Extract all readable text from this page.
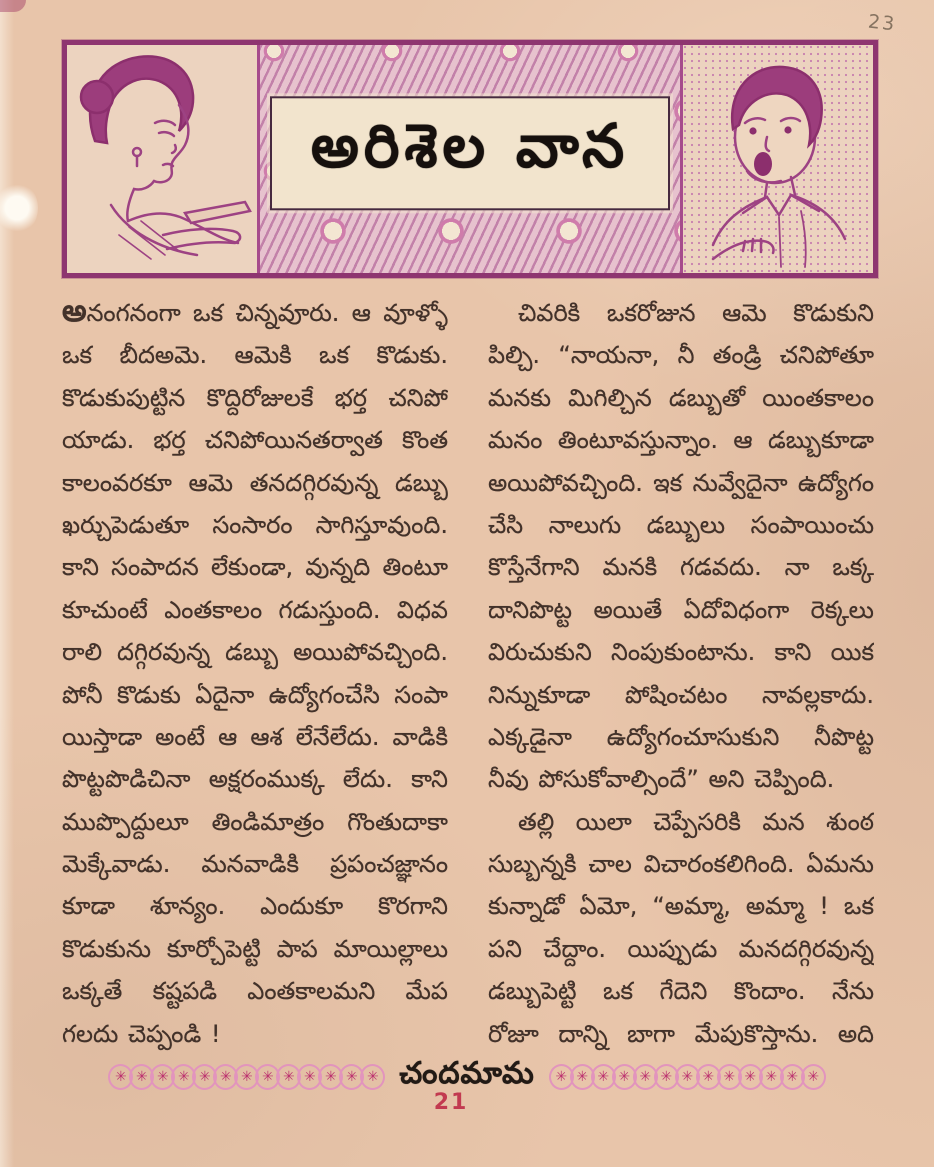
23
అరిశెల వాన
అనంగనంగా ఒక చిన్నవూరు. ఆ వూళ్ళో
ఒక బీదఅమె. ఆమెకి ఒక కొడుకు.
కొడుకుపుట్టిన కొద్దిరోజులకే భర్త చనిపో
యాడు. భర్త చనిపోయినతర్వాత కొంత
కాలంవరకూ ఆమె తనదగ్గిరవున్న డబ్బు
ఖర్చుపెడుతూ సంసారం సాగిస్తూవుంది.
కాని సంపాదన లేకుండా, వున్నది తింటూ
కూచుంటే ఎంతకాలం గడుస్తుంది. విధవ
రాలి దగ్గిరవున్న డబ్బు అయిపోవచ్చింది.
పోనీ కొడుకు ఏదైనా ఉద్యోగంచేసి సంపా
యిస్తాడా అంటే ఆ ఆశ లేనేలేదు. వాడికి
పొట్టపొడిచినా అక్షరంముక్క లేదు. కాని
ముప్పొద్దులూ తిండిమాత్రం గొంతుదాకా
మెక్కేవాడు. మనవాడికి ప్రపంచజ్ఞానం
కూడా శూన్యం. ఎందుకూ కొరగాని
కొడుకును కూర్చోపెట్టి పాప మాయిల్లాలు
ఒక్కతే కష్టపడి ఎంతకాలమని మేప
గలదు చెప్పండి !
చివరికి ఒకరోజున ఆమె కొడుకుని
పిల్చి. “నాయనా, నీ తండ్రి చనిపోతూ
మనకు మిగిల్చిన డబ్బుతో యింతకాలం
మనం తింటూవస్తున్నాం. ఆ డబ్బుకూడా
అయిపోవచ్చింది. ఇక నువ్వేదైనా ఉద్యోగం
చేసి నాలుగు డబ్బులు సంపాయించు
కొస్తేనేగాని మనకి గడవదు. నా ఒక్క
దానిపొట్ట అయితే ఏదోవిధంగా రెక్కలు
విరుచుకుని నింపుకుంటాను. కాని యిక
నిన్నుకూడా పోషించటం నావల్లకాదు.
ఎక్కడైనా ఉద్యోగంచూసుకుని నీపొట్ట
నీవు పోసుకోవాల్సిందే” అని చెప్పింది.
తల్లి యిలా చెప్పేసరికి మన శుంఠ
సుబ్బన్నకి చాల విచారంకలిగింది. ఏమను
కున్నాడో ఏమో, “అమ్మా, అమ్మా ! ఒక
పని చేద్దాం. యిప్పుడు మనదగ్గిరవున్న
డబ్బుపెట్టి ఒక గేదెని కొందాం. నేను
రోజూ దాన్ని బాగా మేపుకొస్తాను. అది
✳ ✳ ✳ ✳ ✳ ✳ ✳ ✳ ✳ ✳ ✳ ✳ ✳ చందమామ	✳ ✳ ✳ ✳ ✳ ✳ ✳ ✳ ✳ ✳ ✳ ✳ ✳
21
